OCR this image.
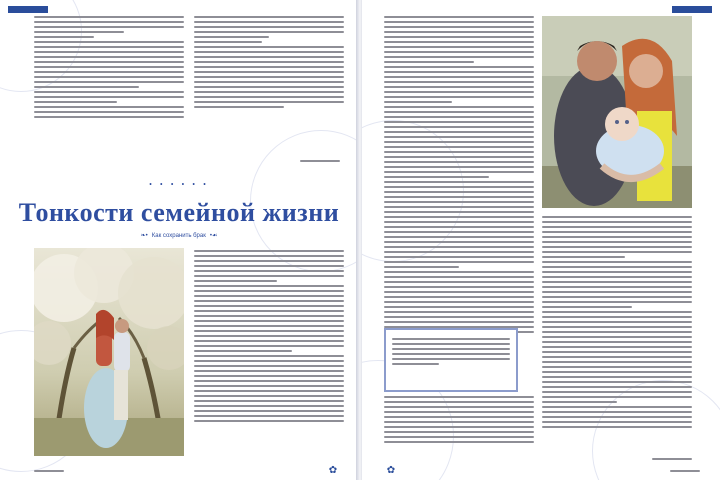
• • • • • •
Тонкости семейной жизни
❧• Как сохранить брак •☙
✿	✿
